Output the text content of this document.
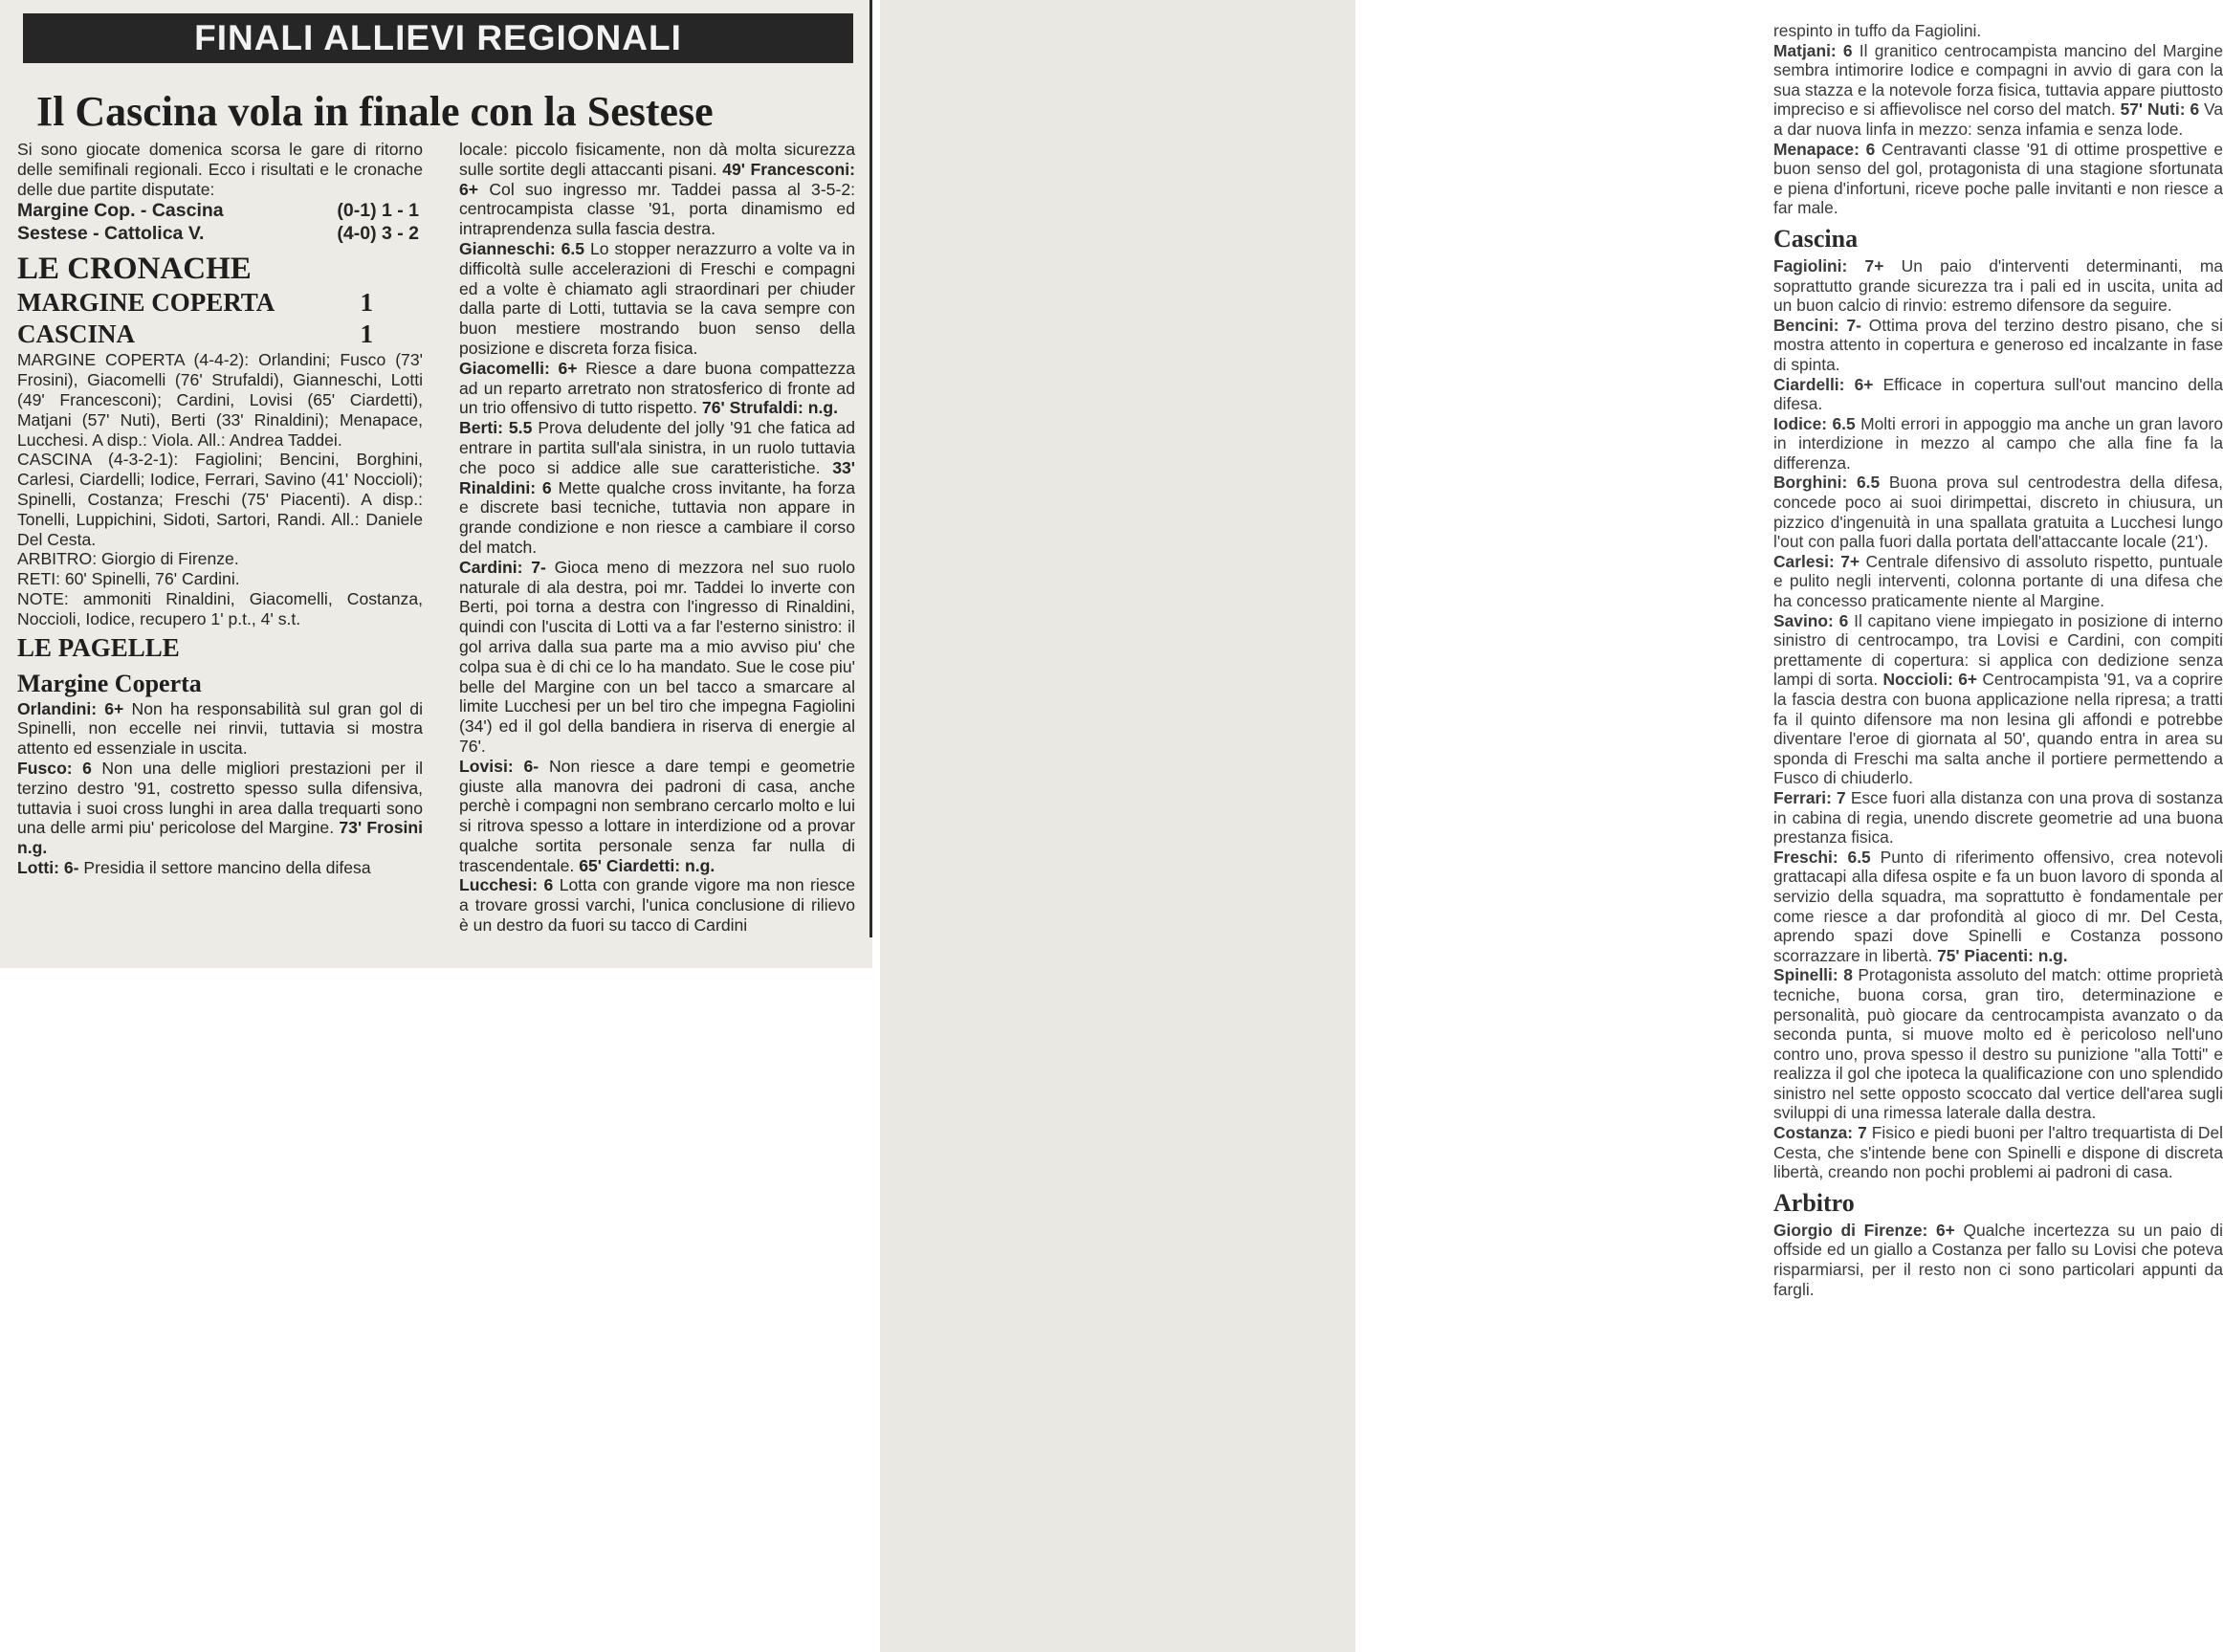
FINALI ALLIEVI REGIONALI
Il Cascina vola in finale con la Sestese

Si sono giocate domenica scorsa le gare di ritorno delle semifinali regionali. Ecco i risultati e le cronache delle due partite disputate:

Margine Cop. - Cascina	(0-1) 1 - 1
Sestese - Cattolica V.	(4-0) 3 - 2
LE CRONACHE
MARGINE COPERTA	1
CASCINA	1

MARGINE COPERTA (4-4-2): Orlandini; Fusco (73' Frosini), Giacomelli (76' Strufaldi), Gianneschi, Lotti (49' Francesconi); Cardini, Lovisi (65' Ciardetti), Matjani (57' Nuti), Berti (33' Rinaldini); Menapace, Lucchesi. A disp.: Viola. All.: Andrea Taddei.

CASCINA (4-3-2-1): Fagiolini; Bencini, Borghini, Carlesi, Ciardelli; Iodice, Ferrari, Savino (41' Noccioli); Spinelli, Costanza; Freschi (75' Piacenti). A disp.: Tonelli, Luppichini, Sidoti, Sartori, Randi. All.: Daniele Del Cesta.

ARBITRO: Giorgio di Firenze.

RETI: 60' Spinelli, 76' Cardini.

NOTE: ammoniti Rinaldini, Giacomelli, Costanza, Noccioli, Iodice, recupero 1' p.t., 4' s.t.

LE PAGELLE
Margine Coperta

Orlandini: 6+ Non ha responsabilità sul gran gol di Spinelli, non eccelle nei rinvii, tuttavia si mostra attento ed essenziale in uscita.

Fusco: 6 Non una delle migliori prestazioni per il terzino destro '91, costretto spesso sulla difensiva, tuttavia i suoi cross lunghi in area dalla trequarti sono una delle armi piu' pericolose del Margine. 73' Frosini n.g.

Lotti: 6- Presidia il settore mancino della difesa

locale: piccolo fisicamente, non dà molta sicurezza sulle sortite degli attaccanti pisani. 49' Francesconi: 6+ Col suo ingresso mr. Taddei passa al 3-5-2: centrocampista classe '91, porta dinamismo ed intraprendenza sulla fascia destra.

Gianneschi: 6.5 Lo stopper nerazzurro a volte va in difficoltà sulle accelerazioni di Freschi e compagni ed a volte è chiamato agli straordinari per chiuder dalla parte di Lotti, tuttavia se la cava sempre con buon mestiere mostrando buon senso della posizione e discreta forza fisica.

Giacomelli: 6+ Riesce a dare buona compattezza ad un reparto arretrato non stratosferico di fronte ad un trio offensivo di tutto rispetto. 76' Strufaldi: n.g.

Berti: 5.5 Prova deludente del jolly '91 che fatica ad entrare in partita sull'ala sinistra, in un ruolo tuttavia che poco si addice alle sue caratteristiche. 33' Rinaldini: 6 Mette qualche cross invitante, ha forza e discrete basi tecniche, tuttavia non appare in grande condizione e non riesce a cambiare il corso del match.

Cardini: 7- Gioca meno di mezzora nel suo ruolo naturale di ala destra, poi mr. Taddei lo inverte con Berti, poi torna a destra con l'ingresso di Rinaldini, quindi con l'uscita di Lotti va a far l'esterno sinistro: il gol arriva dalla sua parte ma a mio avviso piu' che colpa sua è di chi ce lo ha mandato. Sue le cose piu' belle del Margine con un bel tacco a smarcare al limite Lucchesi per un bel tiro che impegna Fagiolini (34') ed il gol della bandiera in riserva di energie al 76'.

Lovisi: 6- Non riesce a dare tempi e geometrie giuste alla manovra dei padroni di casa, anche perchè i compagni non sembrano cercarlo molto e lui si ritrova spesso a lottare in interdizione od a provar qualche sortita personale senza far nulla di trascendentale. 65' Ciardetti: n.g.

Lucchesi: 6 Lotta con grande vigore ma non riesce a trovare grossi varchi, l'unica conclusione di rilievo è un destro da fuori su tacco di Cardini

respinto in tuffo da Fagiolini.

Matjani: 6 Il granitico centrocampista mancino del Margine sembra intimorire Iodice e compagni in avvio di gara con la sua stazza e la notevole forza fisica, tuttavia appare piuttosto impreciso e si affievolisce nel corso del match. 57' Nuti: 6 Va a dar nuova linfa in mezzo: senza infamia e senza lode.

Menapace: 6 Centravanti classe '91 di ottime prospettive e buon senso del gol, protagonista di una stagione sfortunata e piena d'infortuni, riceve poche palle invitanti e non riesce a far male.

Cascina

Fagiolini: 7+ Un paio d'interventi determinanti, ma soprattutto grande sicurezza tra i pali ed in uscita, unita ad un buon calcio di rinvio: estremo difensore da seguire.

Bencini: 7- Ottima prova del terzino destro pisano, che si mostra attento in copertura e generoso ed incalzante in fase di spinta.

Ciardelli: 6+ Efficace in copertura sull'out mancino della difesa.

Iodice: 6.5 Molti errori in appoggio ma anche un gran lavoro in interdizione in mezzo al campo che alla fine fa la differenza.

Borghini: 6.5 Buona prova sul centrodestra della difesa, concede poco ai suoi dirimpettai, discreto in chiusura, un pizzico d'ingenuità in una spallata gratuita a Lucchesi lungo l'out con palla fuori dalla portata dell'attaccante locale (21').

Carlesi: 7+ Centrale difensivo di assoluto rispetto, puntuale e pulito negli interventi, colonna portante di una difesa che ha concesso praticamente niente al Margine.

Savino: 6 Il capitano viene impiegato in posizione di interno sinistro di centrocampo, tra Lovisi e Cardini, con compiti prettamente di copertura: si applica con dedizione senza lampi di sorta. Noccioli: 6+ Centrocampista '91, va a coprire la fascia destra con buona applicazione nella ripresa; a tratti fa il quinto difensore ma non lesina gli affondi e potrebbe diventare l'eroe di giornata al 50', quando entra in area su sponda di Freschi ma salta anche il portiere permettendo a Fusco di chiuderlo.

Ferrari: 7 Esce fuori alla distanza con una prova di sostanza in cabina di regia, unendo discrete geometrie ad una buona prestanza fisica.

Freschi: 6.5 Punto di riferimento offensivo, crea notevoli grattacapi alla difesa ospite e fa un buon lavoro di sponda al servizio della squadra, ma soprattutto è fondamentale per come riesce a dar profondità al gioco di mr. Del Cesta, aprendo spazi dove Spinelli e Costanza possono scorrazzare in libertà. 75' Piacenti: n.g.

Spinelli: 8 Protagonista assoluto del match: ottime proprietà tecniche, buona corsa, gran tiro, determinazione e personalità, può giocare da centrocampista avanzato o da seconda punta, si muove molto ed è pericoloso nell'uno contro uno, prova spesso il destro su punizione "alla Totti" e realizza il gol che ipoteca la qualificazione con uno splendido sinistro nel sette opposto scoccato dal vertice dell'area sugli sviluppi di una rimessa laterale dalla destra.

Costanza: 7 Fisico e piedi buoni per l'altro trequartista di Del Cesta, che s'intende bene con Spinelli e dispone di discreta libertà, creando non pochi problemi ai padroni di casa.

Arbitro

Giorgio di Firenze: 6+ Qualche incertezza su un paio di offside ed un giallo a Costanza per fallo su Lovisi che poteva risparmiarsi, per il resto non ci sono particolari appunti da fargli.
